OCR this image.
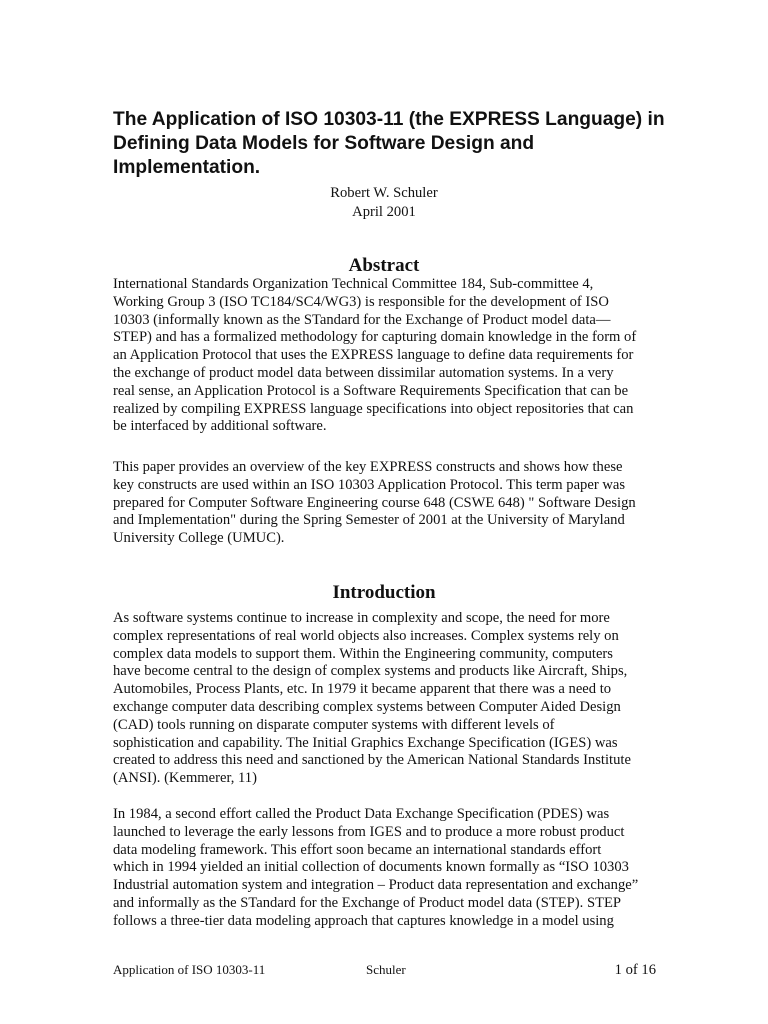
The Application of ISO 10303-11 (the EXPRESS Language) in Defining Data Models for Software Design and Implementation.
Robert W. Schuler
April 2001
Abstract

International Standards Organization Technical Committee 184, Sub-committee 4,
Working Group 3 (ISO TC184/SC4/WG3) is responsible for the development of ISO
10303 (informally known as the STandard for the Exchange of Product model data—
STEP) and has a formalized methodology for capturing domain knowledge in the form of
an Application Protocol that uses the EXPRESS language to define data requirements for
the exchange of product model data between dissimilar automation systems. In a very
real sense, an Application Protocol is a Software Requirements Specification that can be
realized by compiling EXPRESS language specifications into object repositories that can
be interfaced by additional software.

This paper provides an overview of the key EXPRESS constructs and shows how these
key constructs are used within an ISO 10303 Application Protocol. This term paper was
prepared for Computer Software Engineering course 648 (CSWE 648) " Software Design
and Implementation" during the Spring Semester of 2001 at the University of Maryland
University College (UMUC).

Introduction

As software systems continue to increase in complexity and scope, the need for more
complex representations of real world objects also increases. Complex systems rely on
complex data models to support them. Within the Engineering community, computers
have become central to the design of complex systems and products like Aircraft, Ships,
Automobiles, Process Plants, etc. In 1979 it became apparent that there was a need to
exchange computer data describing complex systems between Computer Aided Design
(CAD) tools running on disparate computer systems with different levels of
sophistication and capability. The Initial Graphics Exchange Specification (IGES) was
created to address this need and sanctioned by the American National Standards Institute
(ANSI). (Kemmerer, 11)

In 1984, a second effort called the Product Data Exchange Specification (PDES) was
launched to leverage the early lessons from IGES and to produce a more robust product
data modeling framework. This effort soon became an international standards effort
which in 1994 yielded an initial collection of documents known formally as “ISO 10303
Industrial automation system and integration – Product data representation and exchange”
and informally as the STandard for the Exchange of Product model data (STEP). STEP
follows a three-tier data modeling approach that captures knowledge in a model using

Application of ISO 10303-11	Schuler	1 of 16
